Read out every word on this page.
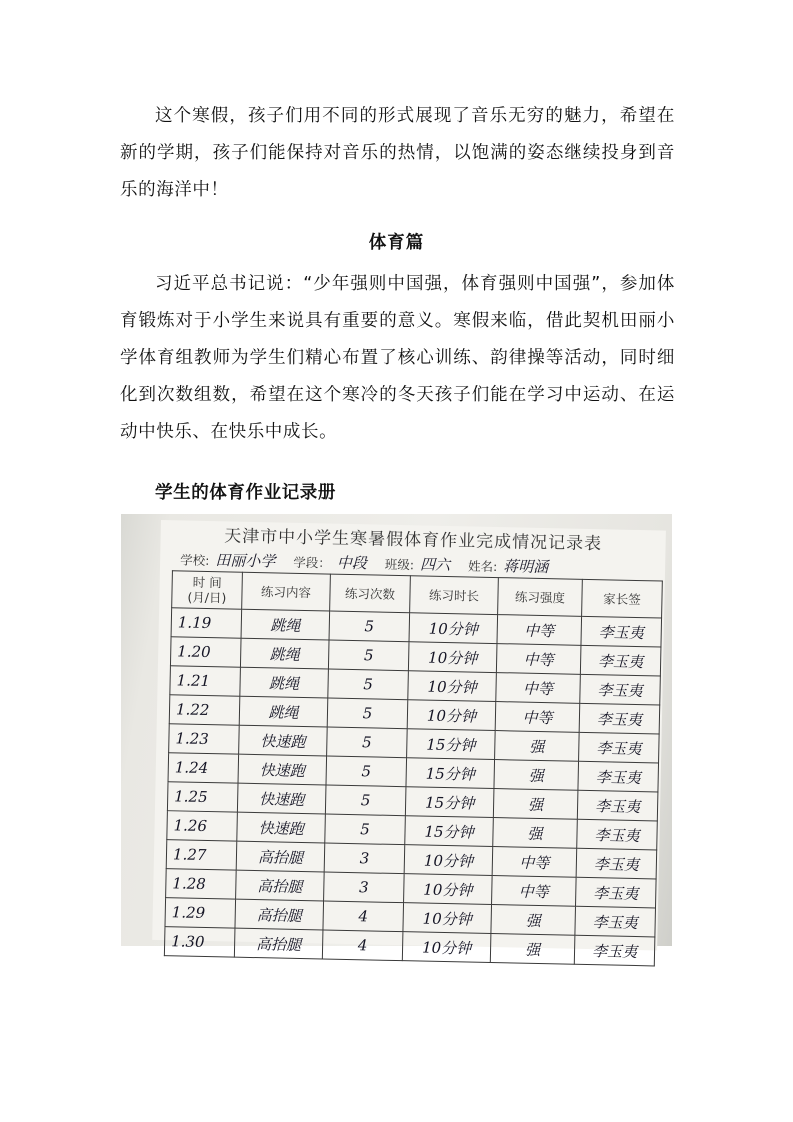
这个寒假，孩子们用不同的形式展现了音乐无穷的魅力，希望在新的学期，孩子们能保持对音乐的热情，以饱满的姿态继续投身到音乐的海洋中！

体育篇

习近平总书记说：“少年强则中国强，体育强则中国强”，参加体育锻炼对于小学生来说具有重要的意义。寒假来临，借此契机田丽小学体育组教师为学生们精心布置了核心训练、韵律操等活动，同时细化到次数组数，希望在这个寒冷的冬天孩子们能在学习中运动、在运动中快乐、在快乐中成长。

学生的体育作业记录册
天津市中小学生寒暑假体育作业完成情况记录表
学校: 田丽小学 学段： 中段 班级: 四六 姓名: 蒋明涵
时 间
(月/日)	练习内容	练习次数	练习时长	练习强度	家长签
1.19	跳绳	5	10分钟	中等	李玉夷
1.20	跳绳	5	10分钟	中等	李玉夷
1.21	跳绳	5	10分钟	中等	李玉夷
1.22	跳绳	5	10分钟	中等	李玉夷
1.23	快速跑	5	15分钟	强	李玉夷
1.24	快速跑	5	15分钟	强	李玉夷
1.25	快速跑	5	15分钟	强	李玉夷
1.26	快速跑	5	15分钟	强	李玉夷
1.27	高抬腿	3	10分钟	中等	李玉夷
1.28	高抬腿	3	10分钟	中等	李玉夷
1.29	高抬腿	4	10分钟	强	李玉夷
1.30	高抬腿	4	10分钟	强	李玉夷
